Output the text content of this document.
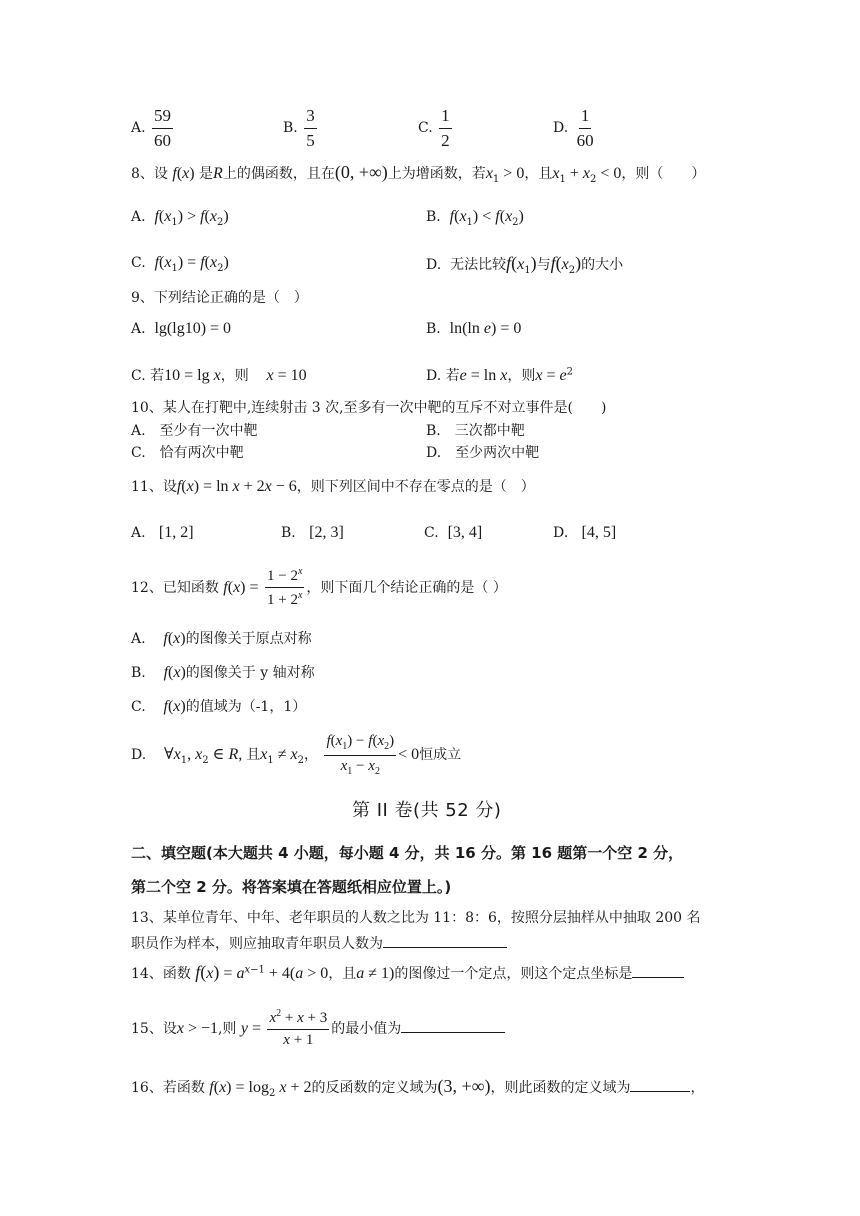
A. $\frac{59}{60}$	B. $\frac{3}{5}$	C. $\frac{1}{2}$	D. $\frac{1}{60}$
8、设 f(x) 是R上的偶函数，且在(0, +∞)上为增函数，若$x_1 > 0$，且$x_1 + x_2 < 0$，则（　　）
A. $f(x_1) > f(x_2)$	B. $f(x_1) < f(x_2)$
C. $f(x_1) = f(x_2)$	D. 无法比较$f(x_1)$与$f(x_2)$的大小
9、下列结论正确的是（　）
A. lg(lg10) = 0	B. ln(ln e) = 0
C. 若10 = lg x，则 x = 10	D. 若e = ln x，则$x = e^2$
10、某人在打靶中,连续射击 3 次,至多有一次中靶的互斥不对立事件是(　　)
A.　至少有一次中靶	B.　三次都中靶
C.　恰有两次中靶	D.　至少两次中靶
11、设f(x) = ln x + 2x − 6，则下列区间中不存在零点的是（　）
A. [1, 2]	B. [2, 3]	C. [3, 4]	D. [4, 5]
12、已知函数 $f(x) = \frac{1 - 2^x}{1 + 2^x}$ ，则下面几个结论正确的是（ ）
A. f(x)的图像关于原点对称
B. f(x)的图像关于 y 轴对称
C. f(x)的值域为（-1，1）
D. $\forall x_1$, $x_2$ ∈ R, 且$x_1 \ne x_2$， $\frac{f(x_1) - f(x_2)}{x_1 - x_2} < 0$恒成立
第 II 卷(共 52 分)
二、填空题(本大题共 4 小题，每小题 4 分，共 16 分。第 16 题第一个空 2 分，
第二个空 2 分。将答案填在答题纸相应位置上。)
13、某单位青年、中年、老年职员的人数之比为 11：8：6，按照分层抽样从中抽取 200 名
职员作为样本，则应抽取青年职员人数为
14、函数 $f(x) = a^{x-1} + 4(a > 0$，且a ≠ 1)的图像过一个定点，则这个定点坐标是
15、设x > −1,则 $y = \frac{x^2 + x + 3}{x + 1}$ 的最小值为
16、若函数 $f(x) = \log_2 x + 2$的反函数的定义域为(3, +∞)，则此函数的定义域为	，
